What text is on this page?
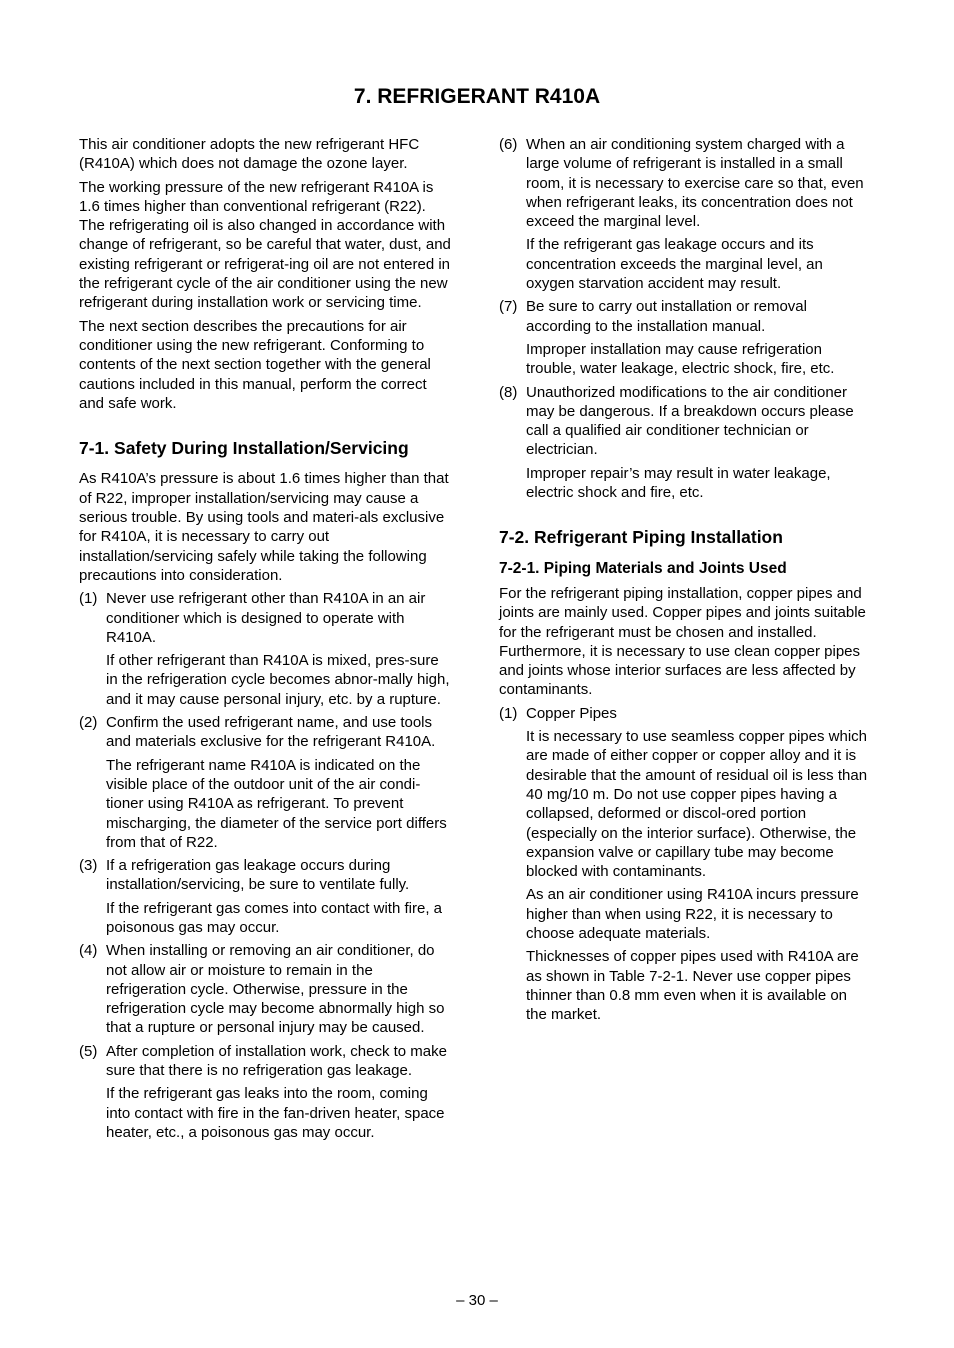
7. REFRIGERANT R410A

This air conditioner adopts the new refrigerant HFC (R410A) which does not damage the ozone layer.

The working pressure of the new refrigerant R410A is 1.6 times higher than conventional refrigerant (R22). The refrigerating oil is also changed in accordance with change of refrigerant, so be careful that water, dust, and existing refrigerant or refrigerat-ing oil are not entered in the refrigerant cycle of the air conditioner using the new refrigerant during installation work or servicing time.

The next section describes the precautions for air conditioner using the new refrigerant. Conforming to contents of the next section together with the general cautions included in this manual, perform the correct and safe work.

7-1. Safety During Installation/Servicing

As R410A’s pressure is about 1.6 times higher than that of R22, improper installation/servicing may cause a serious trouble. By using tools and materi-als exclusive for R410A, it is necessary to carry out installation/servicing safely while taking the following precautions into consideration.

(1) Never use refrigerant other than R410A in an air conditioner which is designed to operate with R410A.
If other refrigerant than R410A is mixed, pres-sure in the refrigeration cycle becomes abnor-mally high, and it may cause personal injury, etc. by a rupture.
(2) Confirm the used refrigerant name, and use tools and materials exclusive for the refrigerant R410A.
The refrigerant name R410A is indicated on the visible place of the outdoor unit of the air condi-tioner using R410A as refrigerant. To prevent mischarging, the diameter of the service port differs from that of R22.
(3) If a refrigeration gas leakage occurs during installation/servicing, be sure to ventilate fully.
If the refrigerant gas comes into contact with fire, a poisonous gas may occur.
(4) When installing or removing an air conditioner, do not allow air or moisture to remain in the refrigeration cycle. Otherwise, pressure in the refrigeration cycle may become abnormally high so that a rupture or personal injury may be caused.
(5) After completion of installation work, check to make sure that there is no refrigeration gas leakage.
If the refrigerant gas leaks into the room, coming into contact with fire in the fan-driven heater, space heater, etc., a poisonous gas may occur.
(6) When an air conditioning system charged with a large volume of refrigerant is installed in a small room, it is necessary to exercise care so that, even when refrigerant leaks, its concentration does not exceed the marginal level.
If the refrigerant gas leakage occurs and its concentration exceeds the marginal level, an oxygen starvation accident may result.
(7) Be sure to carry out installation or removal according to the installation manual.
Improper installation may cause refrigeration trouble, water leakage, electric shock, fire, etc.
(8) Unauthorized modifications to the air conditioner may be dangerous. If a breakdown occurs please call a qualified air conditioner technician or electrician.
Improper repair’s may result in water leakage, electric shock and fire, etc.
7-2. Refrigerant Piping Installation
7-2-1. Piping Materials and Joints Used

For the refrigerant piping installation, copper pipes and joints are mainly used. Copper pipes and joints suitable for the refrigerant must be chosen and installed. Furthermore, it is necessary to use clean copper pipes and joints whose interior surfaces are less affected by contaminants.

(1) Copper Pipes
It is necessary to use seamless copper pipes which are made of either copper or copper alloy and it is desirable that the amount of residual oil is less than 40 mg/10 m. Do not use copper pipes having a collapsed, deformed or discol-ored portion (especially on the interior surface). Otherwise, the expansion valve or capillary tube may become blocked with contaminants.
As an air conditioner using R410A incurs pressure higher than when using R22, it is necessary to choose adequate materials.
Thicknesses of copper pipes used with R410A are as shown in Table 7-2-1. Never use copper pipes thinner than 0.8 mm even when it is available on the market.
– 30 –
